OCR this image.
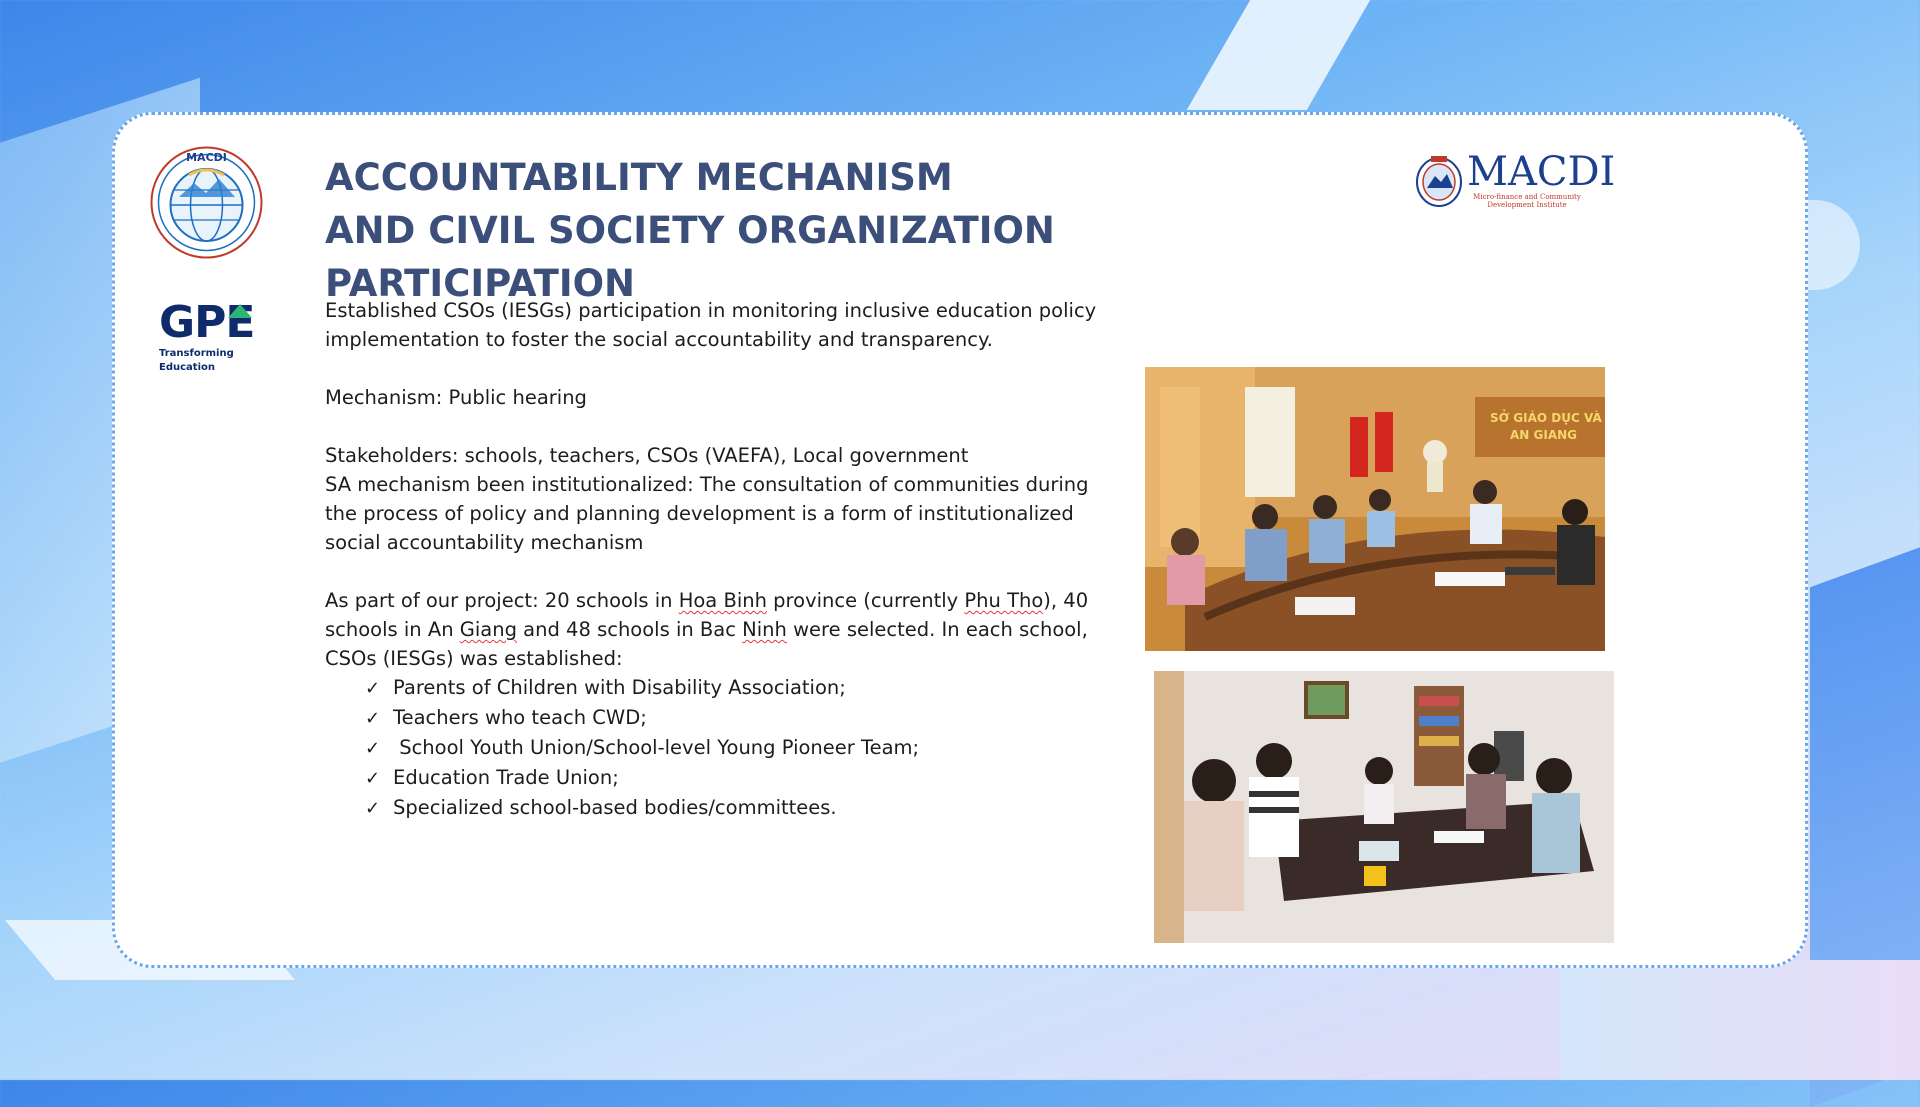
MACDI
GPE
Transforming
Education
MACDI
Micro-finance and Community Development Institute
ACCOUNTABILITY MECHANISM
AND CIVIL SOCIETY ORGANIZATION
PARTICIPATION

Established CSOs (IESGs) participation in monitoring inclusive education policy

implementation to foster the social accountability and transparency.

Mechanism: Public hearing

Stakeholders: schools, teachers, CSOs (VAEFA), Local government

SA mechanism been institutionalized: The consultation of communities during

the process of policy and planning development is a form of institutionalized

social accountability mechanism

As part of our project: 20 schools in Hoa Binh province (currently Phu Tho), 40

schools in An Giang and 48 schools in Bac Ninh were selected. In each school,

CSOs (IESGs) was established:

✓ Parents of Children with Disability Association;
✓ Teachers who teach CWD;
✓ School Youth Union/School-level Young Pioneer Team;
✓ Education Trade Union;
✓ Specialized school-based bodies/committees.
SỞ GIÁO DỤC VÀ
AN GIANG
